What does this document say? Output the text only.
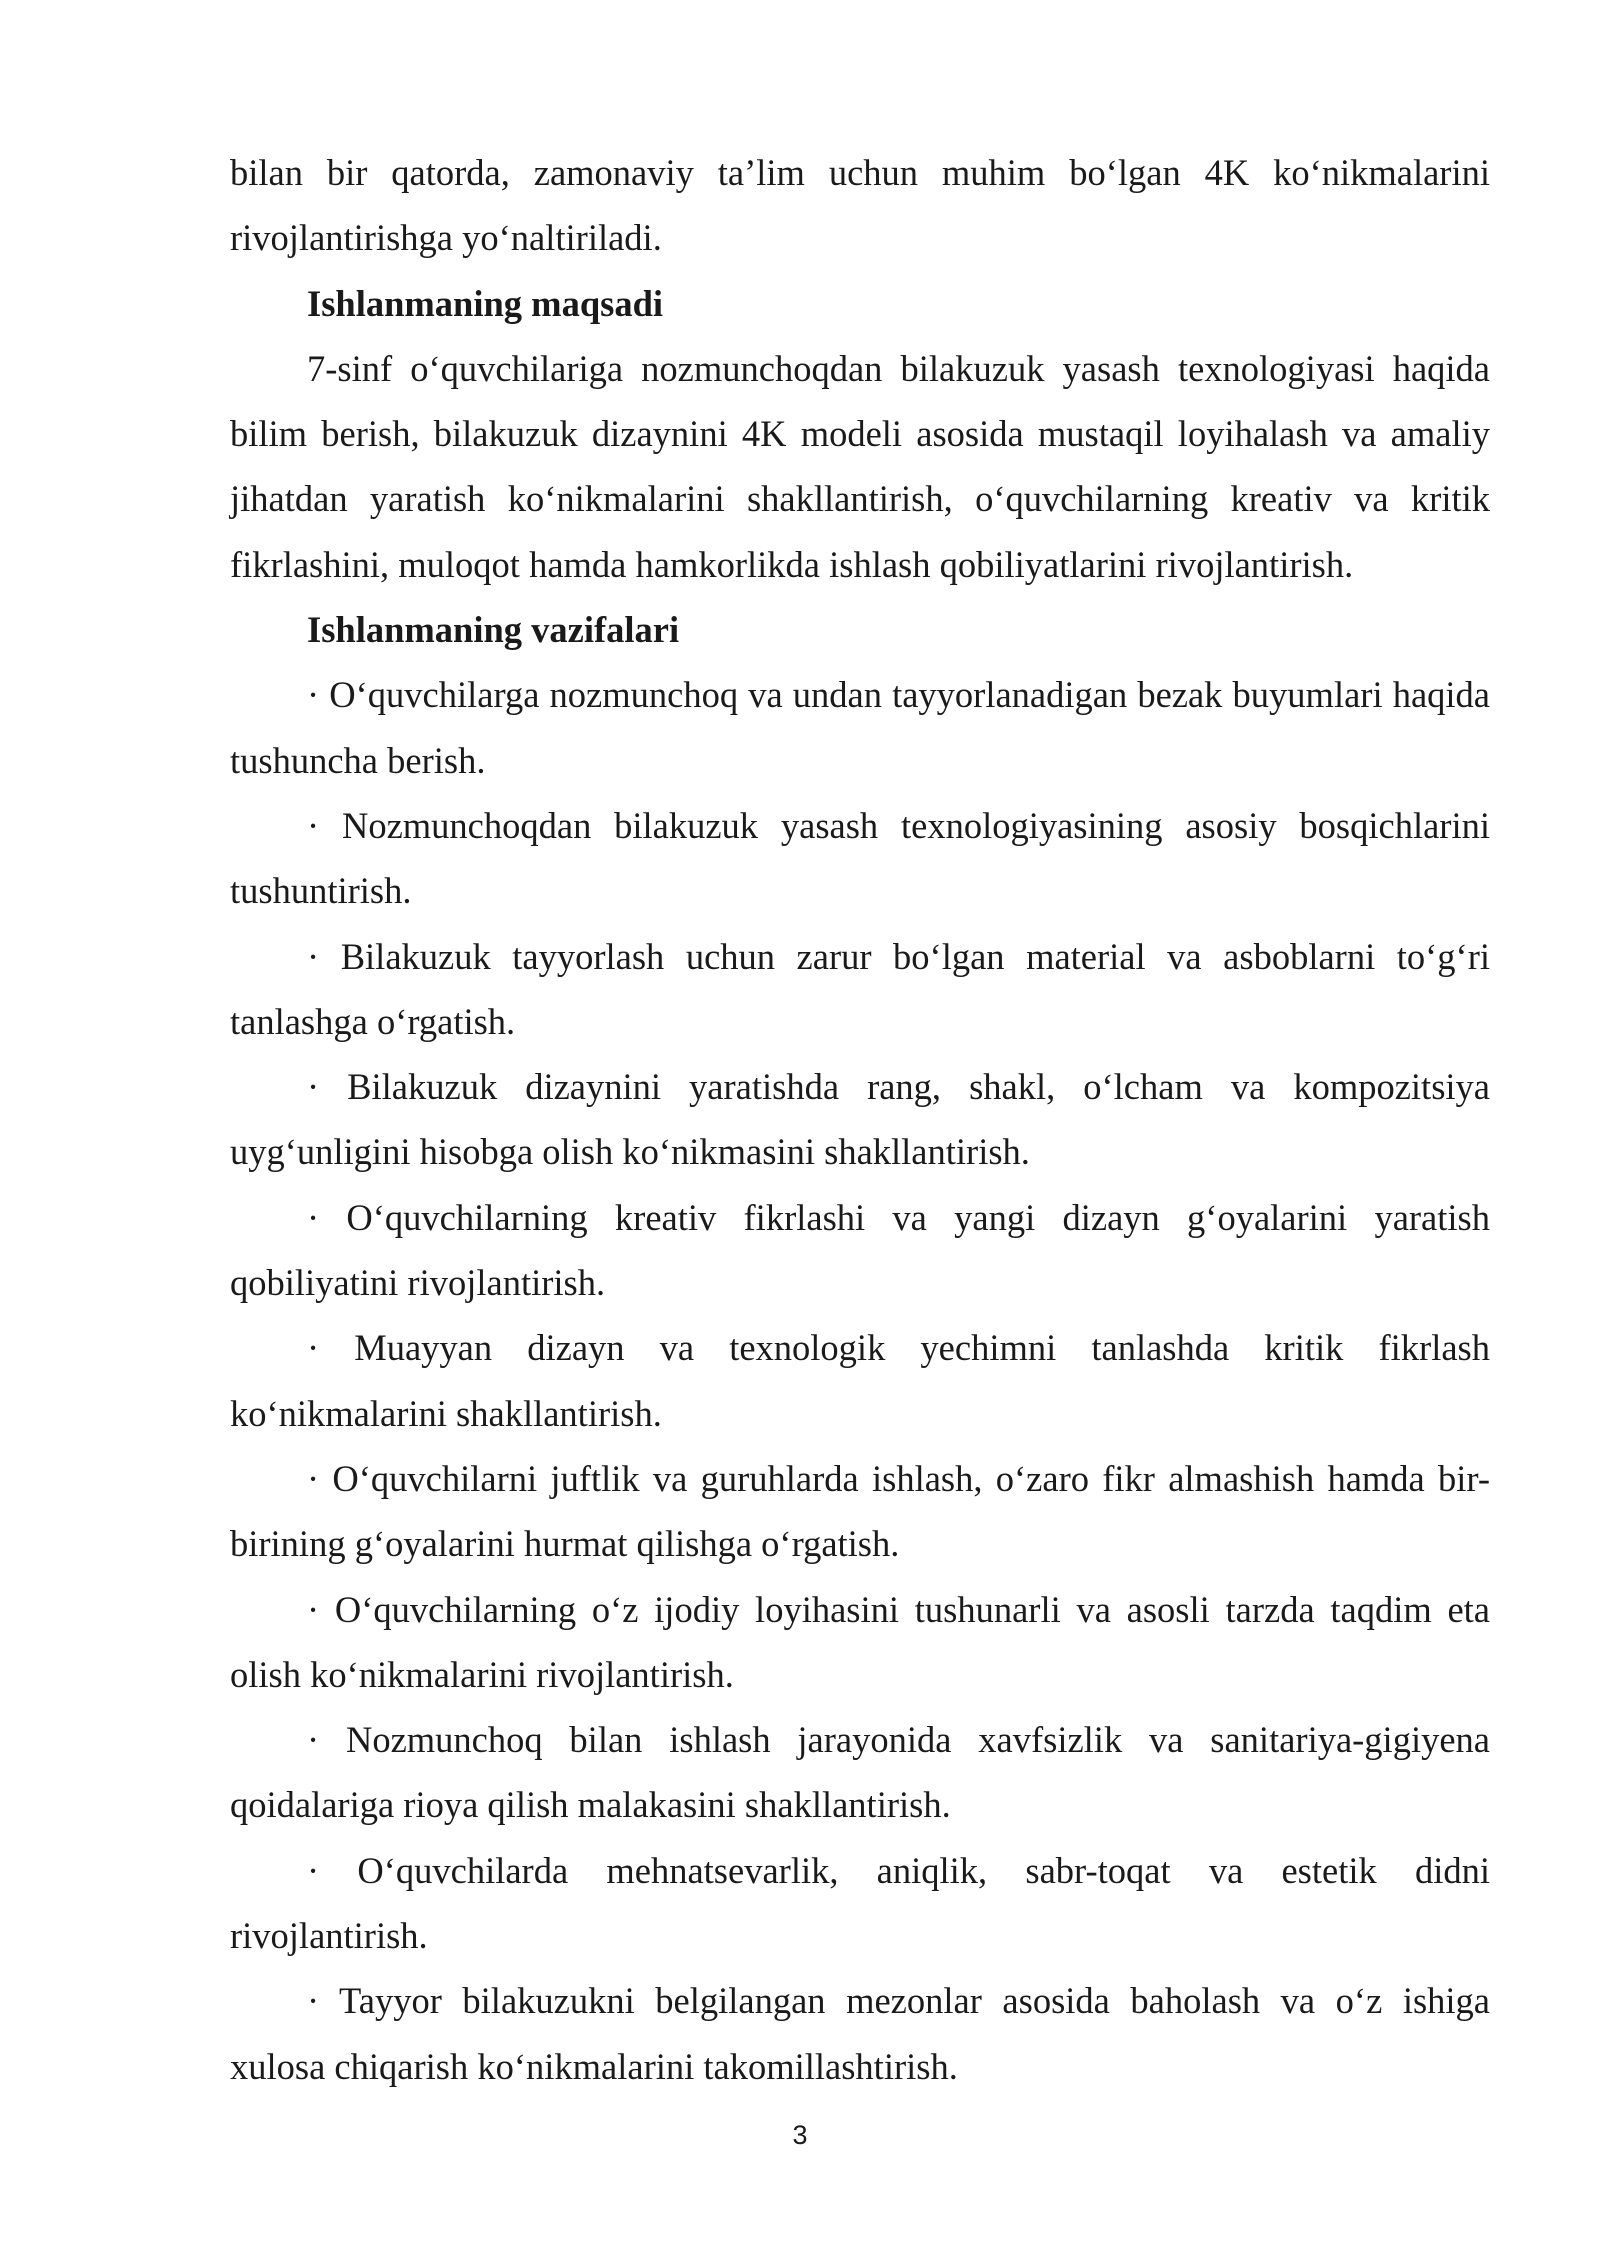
bilan bir qatorda, zamonaviy ta’lim uchun muhim bo‘lgan 4K ko‘nikmalarini rivojlantirishga yo‘naltiriladi.

Ishlanmaning maqsadi

7-sinf o‘quvchilariga nozmunchoqdan bilakuzuk yasash texnologiyasi haqida bilim berish, bilakuzuk dizaynini 4K modeli asosida mustaqil loyihalash va amaliy jihatdan yaratish ko‘nikmalarini shakllantirish, o‘quvchilarning kreativ va kritik fikrlashini, muloqot hamda hamkorlikda ishlash qobiliyatlarini rivojlantirish.

Ishlanmaning vazifalari

· O‘quvchilarga nozmunchoq va undan tayyorlanadigan bezak buyumlari haqida tushuncha berish.

· Nozmunchoqdan bilakuzuk yasash texnologiyasining asosiy bosqichlarini tushuntirish.

· Bilakuzuk tayyorlash uchun zarur bo‘lgan material va asboblarni to‘g‘ri tanlashga o‘rgatish.

· Bilakuzuk dizaynini yaratishda rang, shakl, o‘lcham va kompozitsiya uyg‘unligini hisobga olish ko‘nikmasini shakllantirish.

· O‘quvchilarning kreativ fikrlashi va yangi dizayn g‘oyalarini yaratish qobiliyatini rivojlantirish.

· Muayyan dizayn va texnologik yechimni tanlashda kritik fikrlash ko‘nikmalarini shakllantirish.

· O‘quvchilarni juftlik va guruhlarda ishlash, o‘zaro fikr almashish hamda bir-birining g‘oyalarini hurmat qilishga o‘rgatish.

· O‘quvchilarning o‘z ijodiy loyihasini tushunarli va asosli tarzda taqdim eta olish ko‘nikmalarini rivojlantirish.

· Nozmunchoq bilan ishlash jarayonida xavfsizlik va sanitariya-gigiyena qoidalariga rioya qilish malakasini shakllantirish.

· O‘quvchilarda mehnatsevarlik, aniqlik, sabr-toqat va estetik didni rivojlantirish.

· Tayyor bilakuzukni belgilangan mezonlar asosida baholash va o‘z ishiga xulosa chiqarish ko‘nikmalarini takomillashtirish.

3
